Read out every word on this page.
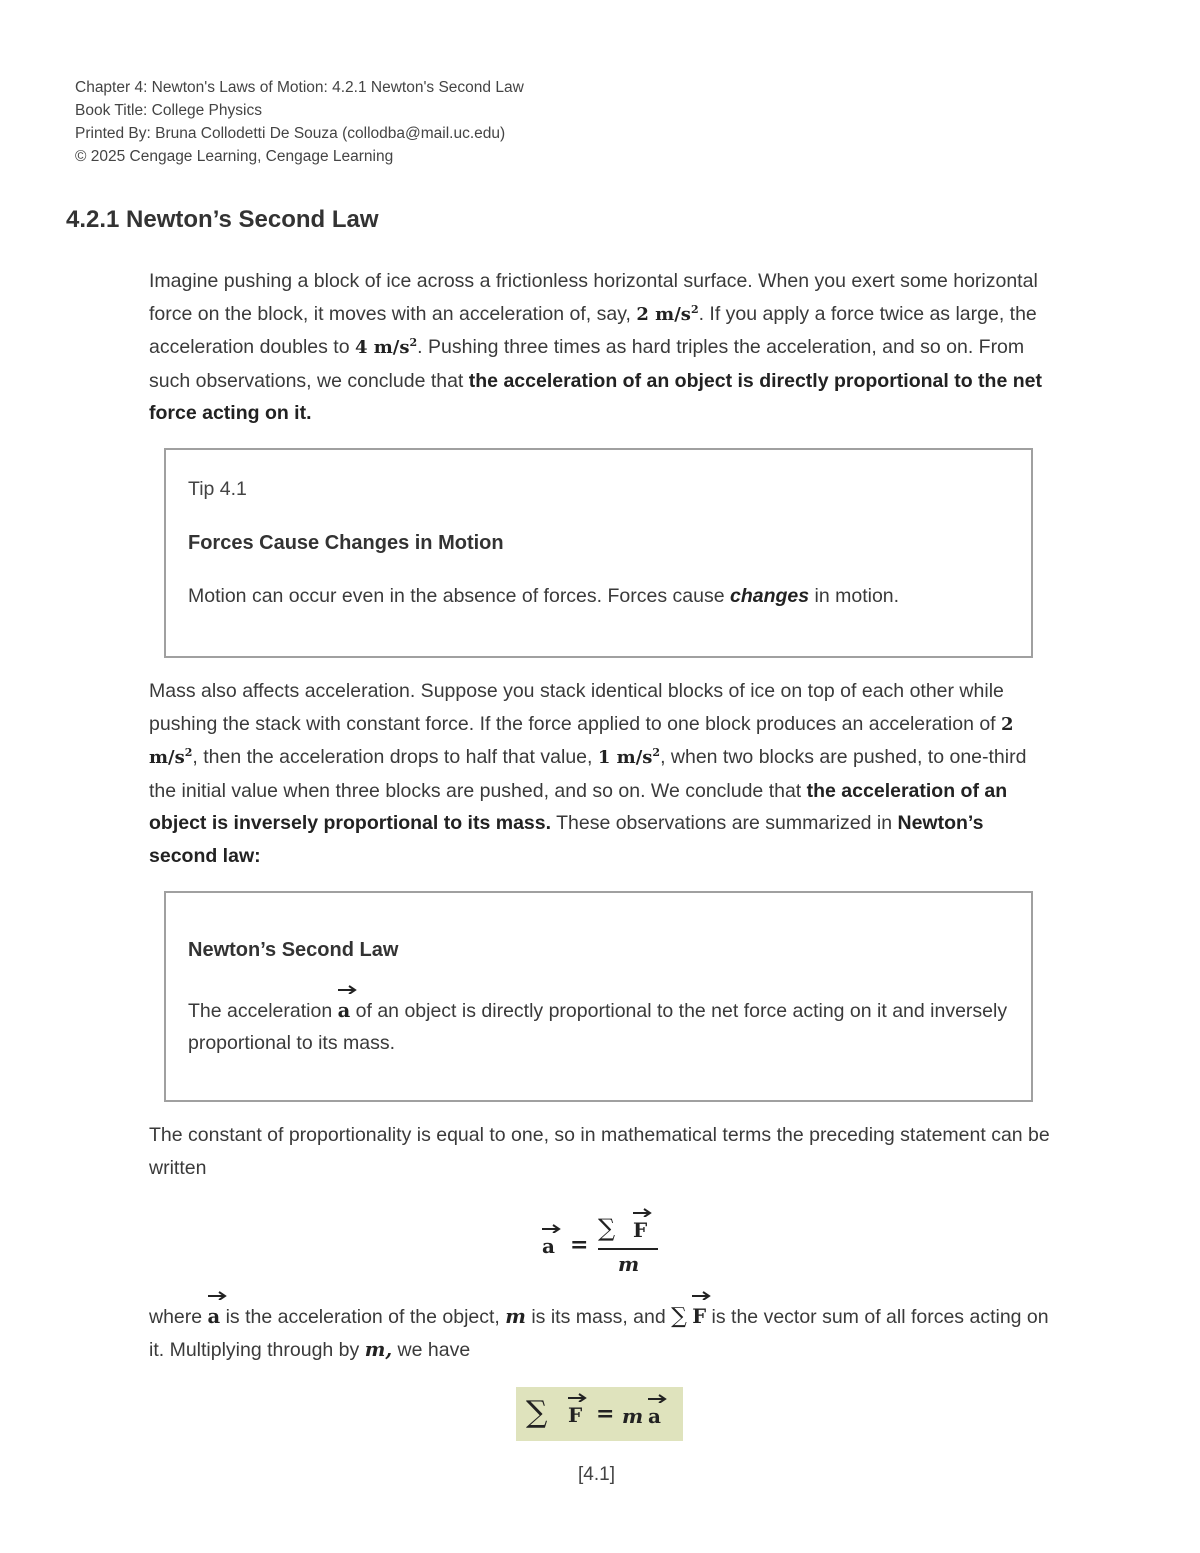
Chapter 4: Newton's Laws of Motion: 4.2.1 Newton's Second Law
Book Title: College Physics
Printed By: Bruna Collodetti De Souza (collodba@mail.uc.edu)
© 2025 Cengage Learning, Cengage Learning
4.2.1 Newton’s Second Law
Imagine pushing a block of ice across a frictionless horizontal surface. When you exert some horizontal force on the block, it moves with an acceleration of, say, 2 $m/s^2$. If you apply a force twice as large, the acceleration doubles to 4 $m/s^2$. Pushing three times as hard triples the acceleration, and so on. From such observations, we conclude that the acceleration of an object is directly proportional to the net force acting on it.
Tip 4.1
Forces Cause Changes in Motion
Motion can occur even in the absence of forces. Forces cause changes in motion.
Mass also affects acceleration. Suppose you stack identical blocks of ice on top of each other while pushing the stack with constant force. If the force applied to one block produces an acceleration of 2 $m/s^2$, then the acceleration drops to half that value, 1 $m/s^2$, when two blocks are pushed, to one-third the initial value when three blocks are pushed, and so on. We conclude that the acceleration of an object is inversely proportional to its mass. These observations are summarized in Newton’s second law:
Newton’s Second Law
The acceleration
a of an object is directly proportional to the net force acting on it and inversely proportional to its mass.
The constant of proportionality is equal to one, so in mathematical terms the preceding statement can be written
a =
∑ F
m
where
a is the acceleration of the object, m is its mass, and ∑ F is the vector sum of all forces acting on it. Multiplying through by m, we have
∑ F = m a
[4.1]
